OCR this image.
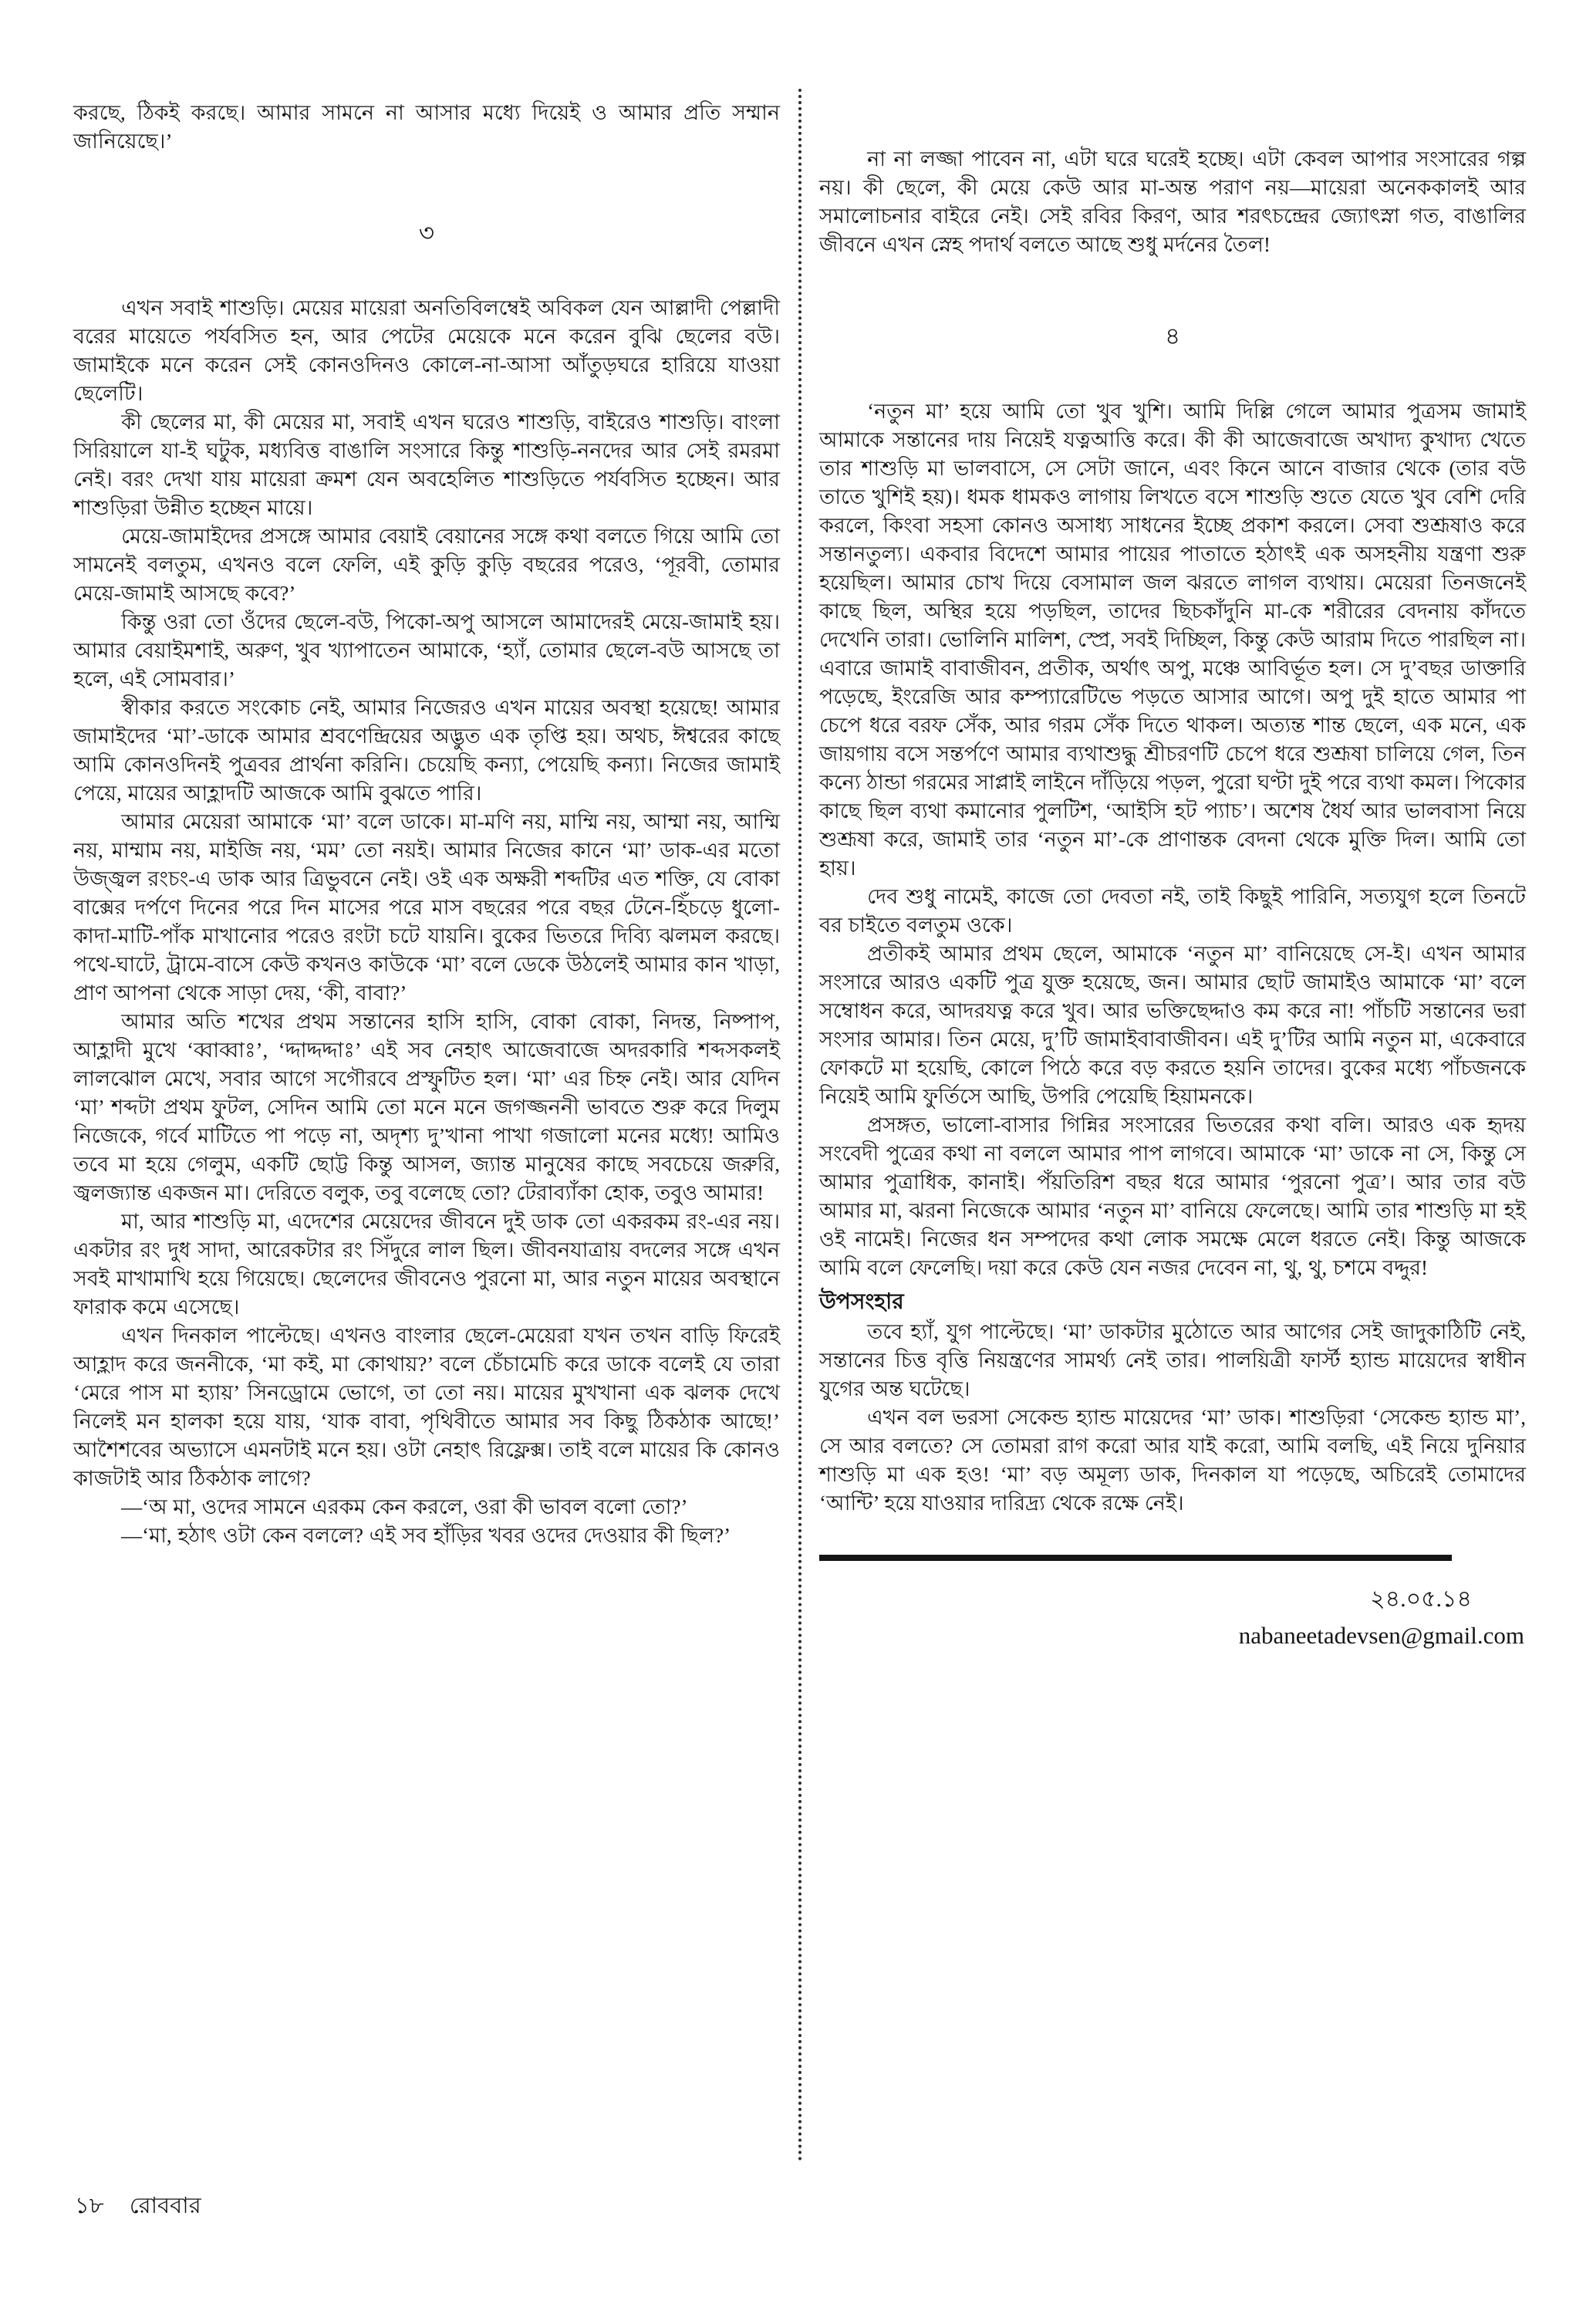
করছে, ঠিকই করছে। আমার সামনে না আসার মধ্যে দিয়েই ও আমার প্রতি সম্মান জানিয়েছে।’

৩

এখন সবাই শাশুড়ি। মেয়ের মায়েরা অনতিবিলম্বেই অবিকল যেন আল্লাদী পেল্লাদী বরের মায়েতে পর্যবসিত হন, আর পেটের মেয়েকে মনে করেন বুঝি ছেলের বউ। জামাইকে মনে করেন সেই কোনওদিনও কোলে-না-আসা আঁতুড়ঘরে হারিয়ে যাওয়া ছেলেটি।

কী ছেলের মা, কী মেয়ের মা, সবাই এখন ঘরেও শাশুড়ি, বাইরেও শাশুড়ি। বাংলা সিরিয়ালে যা-ই ঘটুক, মধ্যবিত্ত বাঙালি সংসারে কিন্তু শাশুড়ি-ননদের আর সেই রমরমা নেই। বরং দেখা যায় মায়েরা ক্রমশ যেন অবহেলিত শাশুড়িতে পর্যবসিত হচ্ছেন। আর শাশুড়িরা উন্নীত হচ্ছেন মায়ে।

মেয়ে-জামাইদের প্রসঙ্গে আমার বেয়াই বেয়ানের সঙ্গে কথা বলতে গিয়ে আমি তো সামনেই বলতুম, এখনও বলে ফেলি, এই কুড়ি কুড়ি বছরের পরেও, ‘পূরবী, তোমার মেয়ে-জামাই আসছে কবে?’

কিন্তু ওরা তো ওঁদের ছেলে-বউ, পিকো-অপু আসলে আমাদেরই মেয়ে-জামাই হয়। আমার বেয়াইমশাই, অরুণ, খুব খ্যাপাতেন আমাকে, ‘হ্যাঁ, তোমার ছেলে-বউ আসছে তা হলে, এই সোমবার।’

স্বীকার করতে সংকোচ নেই, আমার নিজেরও এখন মায়ের অবস্থা হয়েছে! আমার জামাইদের ‘মা’-ডাকে আমার শ্রবণেন্দ্রিয়ের অদ্ভুত এক তৃপ্তি হয়। অথচ, ঈশ্বরের কাছে আমি কোনওদিনই পুত্রবর প্রার্থনা করিনি। চেয়েছি কন্যা, পেয়েছি কন্যা। নিজের জামাই পেয়ে, মায়ের আহ্লাদটি আজকে আমি বুঝতে পারি।

আমার মেয়েরা আমাকে ‘মা’ বলে ডাকে। মা-মণি নয়, মাম্মি নয়, আম্মা নয়, আম্মি নয়, মাম্মাম নয়, মাইজি নয়, ‘মম’ তো নয়ই। আমার নিজের কানে ‘মা’ ডাক-এর মতো উজ্জ্বল রংচং-এ ডাক আর ত্রিভুবনে নেই। ওই এক অক্ষরী শব্দটির এত শক্তি, যে বোকা বাক্সের দর্পণে দিনের পরে দিন মাসের পরে মাস বছরের পরে বছর টেনে-হিঁচড়ে ধুলো-কাদা-মাটি-পাঁক মাখানোর পরেও রংটা চটে যায়নি। বুকের ভিতরে দিব্যি ঝলমল করছে। পথে-ঘাটে, ট্রামে-বাসে কেউ কখনও কাউকে ‘মা’ বলে ডেকে উঠলেই আমার কান খাড়া, প্রাণ আপনা থেকে সাড়া দেয়, ‘কী, বাবা?’

আমার অতি শখের প্রথম সন্তানের হাসি হাসি, বোকা বোকা, নিদন্ত, নিষ্পাপ, আহ্লাদী মুখে ‘ব্বাব্বাঃ’, ‘দ্দাদ্দদ্দাঃ’ এই সব নেহাৎ আজেবাজে অদরকারি শব্দসকলই লালঝোল মেখে, সবার আগে সগৌরবে প্রস্ফুটিত হল। ‘মা’ এর চিহ্ন নেই। আর যেদিন ‘মা’ শব্দটা প্রথম ফুটল, সেদিন আমি তো মনে মনে জগজ্জননী ভাবতে শুরু করে দিলুম নিজেকে, গর্বে মাটিতে পা পড়ে না, অদৃশ্য দু’খানা পাখা গজালো মনের মধ্যে! আমিও তবে মা হয়ে গেলুম, একটি ছোট্ট কিন্তু আসল, জ্যান্ত মানুষের কাছে সবচেয়ে জরুরি, জ্বলজ্যান্ত একজন মা। দেরিতে বলুক, তবু বলেছে তো? টেরাব্যাঁকা হোক, তবুও আমার!

মা, আর শাশুড়ি মা, এদেশের মেয়েদের জীবনে দুই ডাক তো একরকম রং-এর নয়। একটার রং দুধ সাদা, আরেকটার রং সিঁদুরে লাল ছিল। জীবনযাত্রায় বদলের সঙ্গে এখন সবই মাখামাখি হয়ে গিয়েছে। ছেলেদের জীবনেও পুরনো মা, আর নতুন মায়ের অবস্থানে ফারাক কমে এসেছে।

এখন দিনকাল পাল্টেছে। এখনও বাংলার ছেলে-মেয়েরা যখন তখন বাড়ি ফিরেই আহ্লাদ করে জননীকে, ‘মা কই, মা কোথায়?’ বলে চেঁচামেচি করে ডাকে বলেই যে তারা ‘মেরে পাস মা হ্যায়’ সিনড্রোমে ভোগে, তা তো নয়। মায়ের মুখখানা এক ঝলক দেখে নিলেই মন হালকা হয়ে যায়, ‘যাক বাবা, পৃথিবীতে আমার সব কিছু ঠিকঠাক আছে!’ আশৈশবের অভ্যাসে এমনটাই মনে হয়। ওটা নেহাৎ রিফ্লেক্স। তাই বলে মায়ের কি কোনও কাজটাই আর ঠিকঠাক লাগে?

—‘অ মা, ওদের সামনে এরকম কেন করলে, ওরা কী ভাবল বলো তো?’

—‘মা, হঠাৎ ওটা কেন বললে? এই সব হাঁড়ির খবর ওদের দেওয়ার কী ছিল?’

না না লজ্জা পাবেন না, এটা ঘরে ঘরেই হচ্ছে। এটা কেবল আপার সংসারের গল্প নয়। কী ছেলে, কী মেয়ে কেউ আর মা-অন্ত পরাণ নয়—মায়েরা অনেককালই আর সমালোচনার বাইরে নেই। সেই রবির কিরণ, আর শরৎচন্দ্রের জ্যোৎস্না গত, বাঙালির জীবনে এখন স্নেহ পদার্থ বলতে আছে শুধু মর্দনের তৈল!

৪

‘নতুন মা’ হয়ে আমি তো খুব খুশি। আমি দিল্লি গেলে আমার পুত্রসম জামাই আমাকে সন্তানের দায় নিয়েই যত্নআত্তি করে। কী কী আজেবাজে অখাদ্য কুখাদ্য খেতে তার শাশুড়ি মা ভালবাসে, সে সেটা জানে, এবং কিনে আনে বাজার থেকে (তার বউ তাতে খুশিই হয়)। ধমক ধামকও লাগায় লিখতে বসে শাশুড়ি শুতে যেতে খুব বেশি দেরি করলে, কিংবা সহসা কোনও অসাধ্য সাধনের ইচ্ছে প্রকাশ করলে। সেবা শুশ্রূষাও করে সন্তানতুল্য। একবার বিদেশে আমার পায়ের পাতাতে হঠাৎই এক অসহনীয় যন্ত্রণা শুরু হয়েছিল। আমার চোখ দিয়ে বেসামাল জল ঝরতে লাগল ব্যথায়। মেয়েরা তিনজনেই কাছে ছিল, অস্থির হয়ে পড়ছিল, তাদের ছিচকাঁদুনি মা-কে শরীরের বেদনায় কাঁদতে দেখেনি তারা। ভোলিনি মালিশ, স্প্রে, সবই দিচ্ছিল, কিন্তু কেউ আরাম দিতে পারছিল না। এবারে জামাই বাবাজীবন, প্রতীক, অর্থাৎ অপু, মঞ্চে আবির্ভূত হল। সে দু’বছর ডাক্তারি পড়েছে, ইংরেজি আর কম্প্যারেটিভে পড়তে আসার আগে। অপু দুই হাতে আমার পা চেপে ধরে বরফ সেঁক, আর গরম সেঁক দিতে থাকল। অত্যন্ত শান্ত ছেলে, এক মনে, এক জায়গায় বসে সন্তর্পণে আমার ব্যথাশুদ্ধু শ্রীচরণটি চেপে ধরে শুশ্রূষা চালিয়ে গেল, তিন কন্যে ঠান্ডা গরমের সাপ্লাই লাইনে দাঁড়িয়ে পড়ল, পুরো ঘণ্টা দুই পরে ব্যথা কমল। পিকোর কাছে ছিল ব্যথা কমানোর পুলটিশ, ‘আইসি হট প্যাচ’। অশেষ ধৈর্য আর ভালবাসা নিয়ে শুশ্রূষা করে, জামাই তার ‘নতুন মা’-কে প্রাণান্তক বেদনা থেকে মুক্তি দিল। আমি তো হায়।

দেব শুধু নামেই, কাজে তো দেবতা নই, তাই কিছুই পারিনি, সত্যযুগ হলে তিনটে বর চাইতে বলতুম ওকে।

প্রতীকই আমার প্রথম ছেলে, আমাকে ‘নতুন মা’ বানিয়েছে সে-ই। এখন আমার সংসারে আরও একটি পুত্র যুক্ত হয়েছে, জন। আমার ছোট জামাইও আমাকে ‘মা’ বলে সম্বোধন করে, আদরযত্ন করে খুব। আর ভক্তিছেদ্দাও কম করে না! পাঁচটি সন্তানের ভরা সংসার আমার। তিন মেয়ে, দু’টি জামাইবাবাজীবন। এই দু’টির আমি নতুন মা, একেবারে ফোকটে মা হয়েছি, কোলে পিঠে করে বড় করতে হয়নি তাদের। বুকের মধ্যে পাঁচজনকে নিয়েই আমি ফুর্তিসে আছি, উপরি পেয়েছি হিয়ামনকে।

প্রসঙ্গত, ভালো-বাসার গিন্নির সংসারের ভিতরের কথা বলি। আরও এক হৃদয় সংবেদী পুত্রের কথা না বললে আমার পাপ লাগবে। আমাকে ‘মা’ ডাকে না সে, কিন্তু সে আমার পুত্রাধিক, কানাই। পঁয়তিরিশ বছর ধরে আমার ‘পুরনো পুত্র’। আর তার বউ আমার মা, ঝরনা নিজেকে আমার ‘নতুন মা’ বানিয়ে ফেলেছে। আমি তার শাশুড়ি মা হই ওই নামেই। নিজের ধন সম্পদের কথা লোক সমক্ষে মেলে ধরতে নেই। কিন্তু আজকে আমি বলে ফেলেছি। দয়া করে কেউ যেন নজর দেবেন না, থু, থু, চশমে বদ্দুর!

উপসংহার

তবে হ্যাঁ, যুগ পাল্টেছে। ‘মা’ ডাকটার মুঠোতে আর আগের সেই জাদুকাঠিটি নেই, সন্তানের চিত্ত বৃত্তি নিয়ন্ত্রণের সামর্থ্য নেই তার। পালয়িত্রী ফার্স্ট হ্যান্ড মায়েদের স্বাধীন যুগের অন্ত ঘটেছে।

এখন বল ভরসা সেকেন্ড হ্যান্ড মায়েদের ‘মা’ ডাক। শাশুড়িরা ‘সেকেন্ড হ্যান্ড মা’, সে আর বলতে? সে তোমরা রাগ করো আর যাই করো, আমি বলছি, এই নিয়ে দুনিয়ার শাশুড়ি মা এক হও! ‘মা’ বড় অমূল্য ডাক, দিনকাল যা পড়েছে, অচিরেই তোমাদের ‘আন্টি’ হয়ে যাওয়ার দারিদ্র্য থেকে রক্ষে নেই।

২৪.০৫.১৪
nabaneetadevsen@gmail.com
১৮ রোববার
